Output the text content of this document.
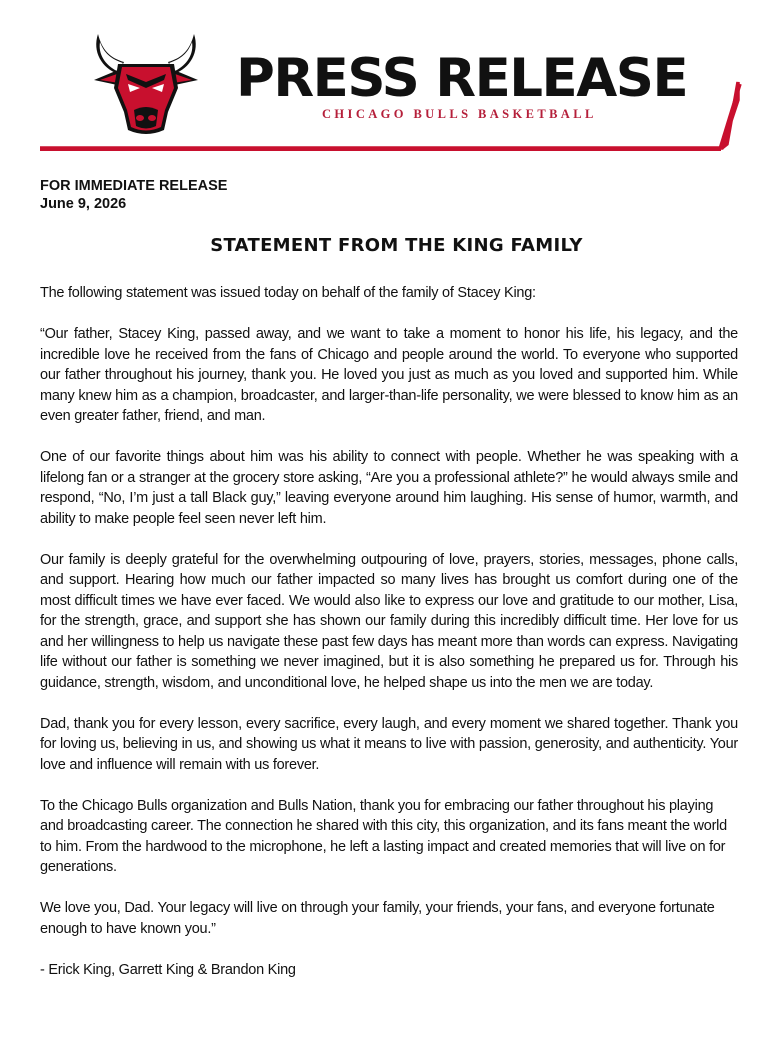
PRESS RELEASE
CHICAGO BULLS BASKETBALL
FOR IMMEDIATE RELEASE
June 9, 2026
STATEMENT FROM THE KING FAMILY

The following statement was issued today on behalf of the family of Stacey King:

“Our father, Stacey King, passed away, and we want to take a moment to honor his life, his legacy, and the incredible love he received from the fans of Chicago and people around the world. To everyone who supported our father throughout his journey, thank you. He loved you just as much as you loved and supported him. While many knew him as a champion, broadcaster, and larger-than-life personality, we were blessed to know him as an even greater father, friend, and man.

One of our favorite things about him was his ability to connect with people. Whether he was speaking with a lifelong fan or a stranger at the grocery store asking, “Are you a professional athlete?” he would always smile and respond, “No, I’m just a tall Black guy,” leaving everyone around him laughing. His sense of humor, warmth, and ability to make people feel seen never left him.

Our family is deeply grateful for the overwhelming outpouring of love, prayers, stories, messages, phone calls, and support. Hearing how much our father impacted so many lives has brought us comfort during one of the most difficult times we have ever faced. We would also like to express our love and gratitude to our mother, Lisa, for the strength, grace, and support she has shown our family during this incredibly difficult time. Her love for us and her willingness to help us navigate these past few days has meant more than words can express. Navigating life without our father is something we never imagined, but it is also something he prepared us for. Through his guidance, strength, wisdom, and unconditional love, he helped shape us into the men we are today.

Dad, thank you for every lesson, every sacrifice, every laugh, and every moment we shared together. Thank you for loving us, believing in us, and showing us what it means to live with passion, generosity, and authenticity. Your love and influence will remain with us forever.

To the Chicago Bulls organization and Bulls Nation, thank you for embracing our father throughout his playing and broadcasting career. The connection he shared with this city, this organization, and its fans meant the world to him. From the hardwood to the microphone, he left a lasting impact and created memories that will live on for generations.

We love you, Dad. Your legacy will live on through your family, your friends, your fans, and everyone fortunate enough to have known you.”

- Erick King, Garrett King & Brandon King
